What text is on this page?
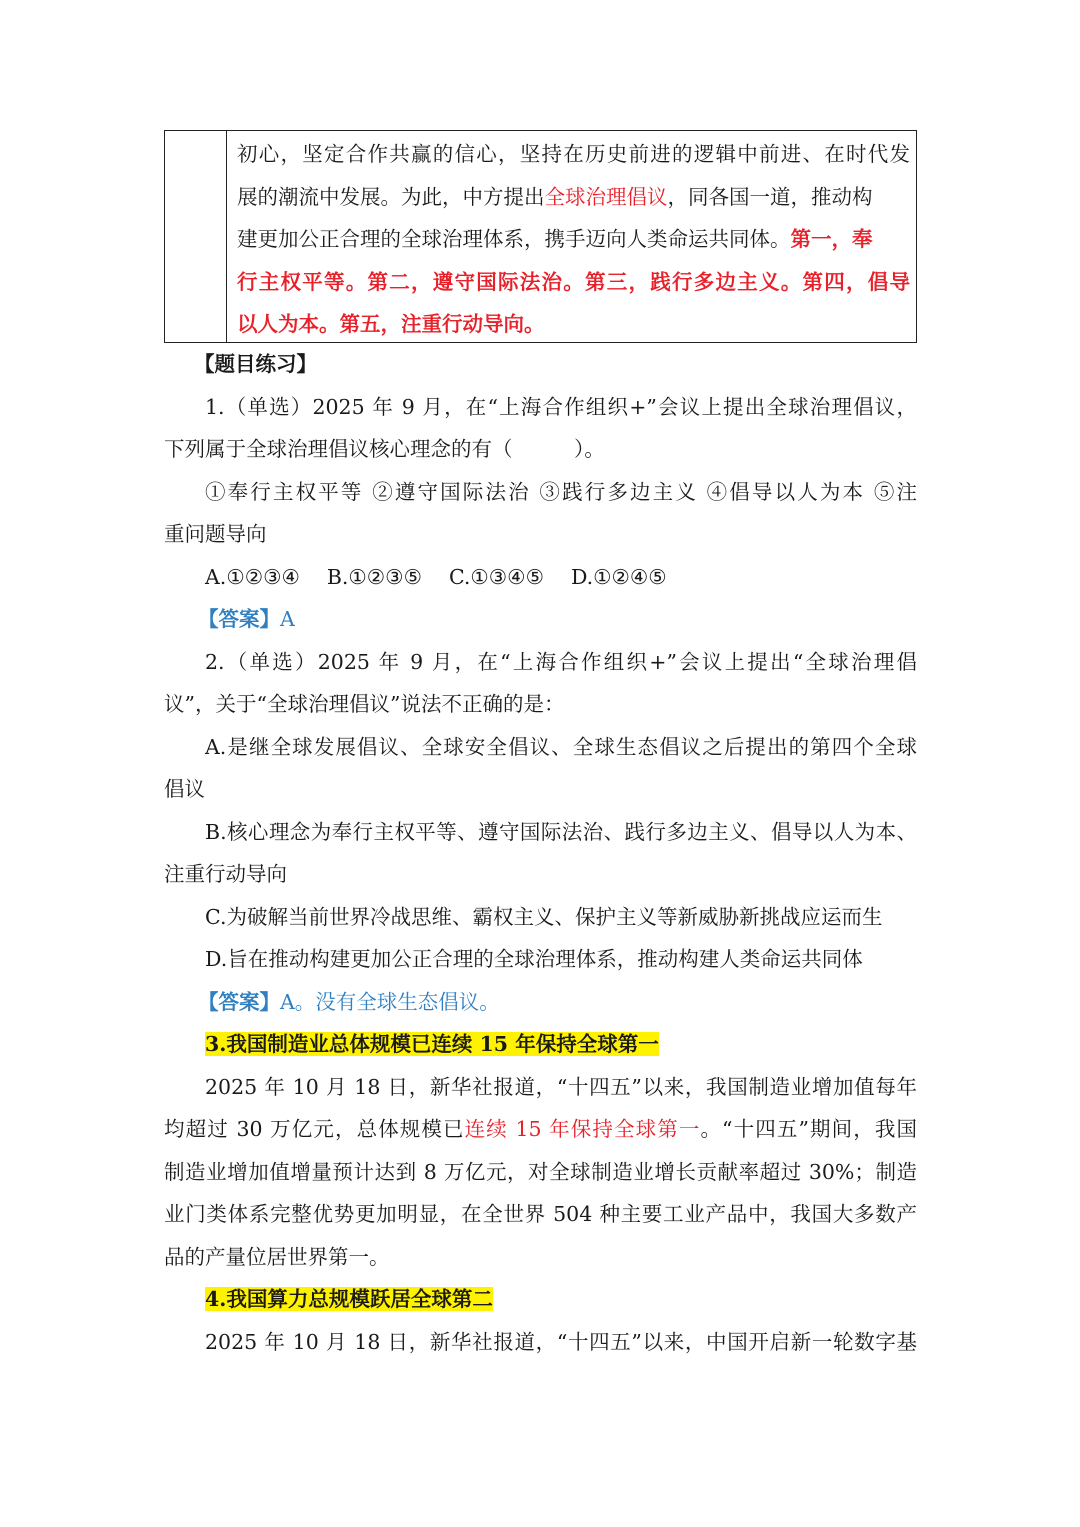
初心，坚定合作共赢的信心，坚持在历史前进的逻辑中前进、在时代发
展的潮流中发展。为此，中方提出全球治理倡议，同各国一道，推动构
建更加公正合理的全球治理体系，携手迈向人类命运共同体。第一，奉
行主权平等。第二，遵守国际法治。第三，践行多边主义。第四，倡导
以人为本。第五，注重行动导向。
【题目练习】
1.（单选）2025 年 9 月，在“上海合作组织+”会议上提出全球治理倡议，
下列属于全球治理倡议核心理念的有（　　　）。
①奉行主权平等 ②遵守国际法治 ③践行多边主义 ④倡导以人为本 ⑤注
重问题导向
A.①②③④　 B.①②③⑤　 C.①③④⑤　 D.①②④⑤
【答案】A
2.（单选）2025 年 9 月，在“上海合作组织+”会议上提出“全球治理倡
议”，关于“全球治理倡议”说法不正确的是：
A.是继全球发展倡议、全球安全倡议、全球生态倡议之后提出的第四个全球
倡议
B.核心理念为奉行主权平等、遵守国际法治、践行多边主义、倡导以人为本、
注重行动导向
C.为破解当前世界冷战思维、霸权主义、保护主义等新威胁新挑战应运而生
D.旨在推动构建更加公正合理的全球治理体系，推动构建人类命运共同体
【答案】A。没有全球生态倡议。
3.我国制造业总体规模已连续 15 年保持全球第一
2025 年 10 月 18 日，新华社报道，“十四五”以来，我国制造业增加值每年
均超过 30 万亿元，总体规模已连续 15 年保持全球第一。“十四五”期间，我国
制造业增加值增量预计达到 8 万亿元，对全球制造业增长贡献率超过 30%；制造
业门类体系完整优势更加明显，在全世界 504 种主要工业产品中，我国大多数产
品的产量位居世界第一。
4.我国算力总规模跃居全球第二
2025 年 10 月 18 日，新华社报道，“十四五”以来，中国开启新一轮数字基
